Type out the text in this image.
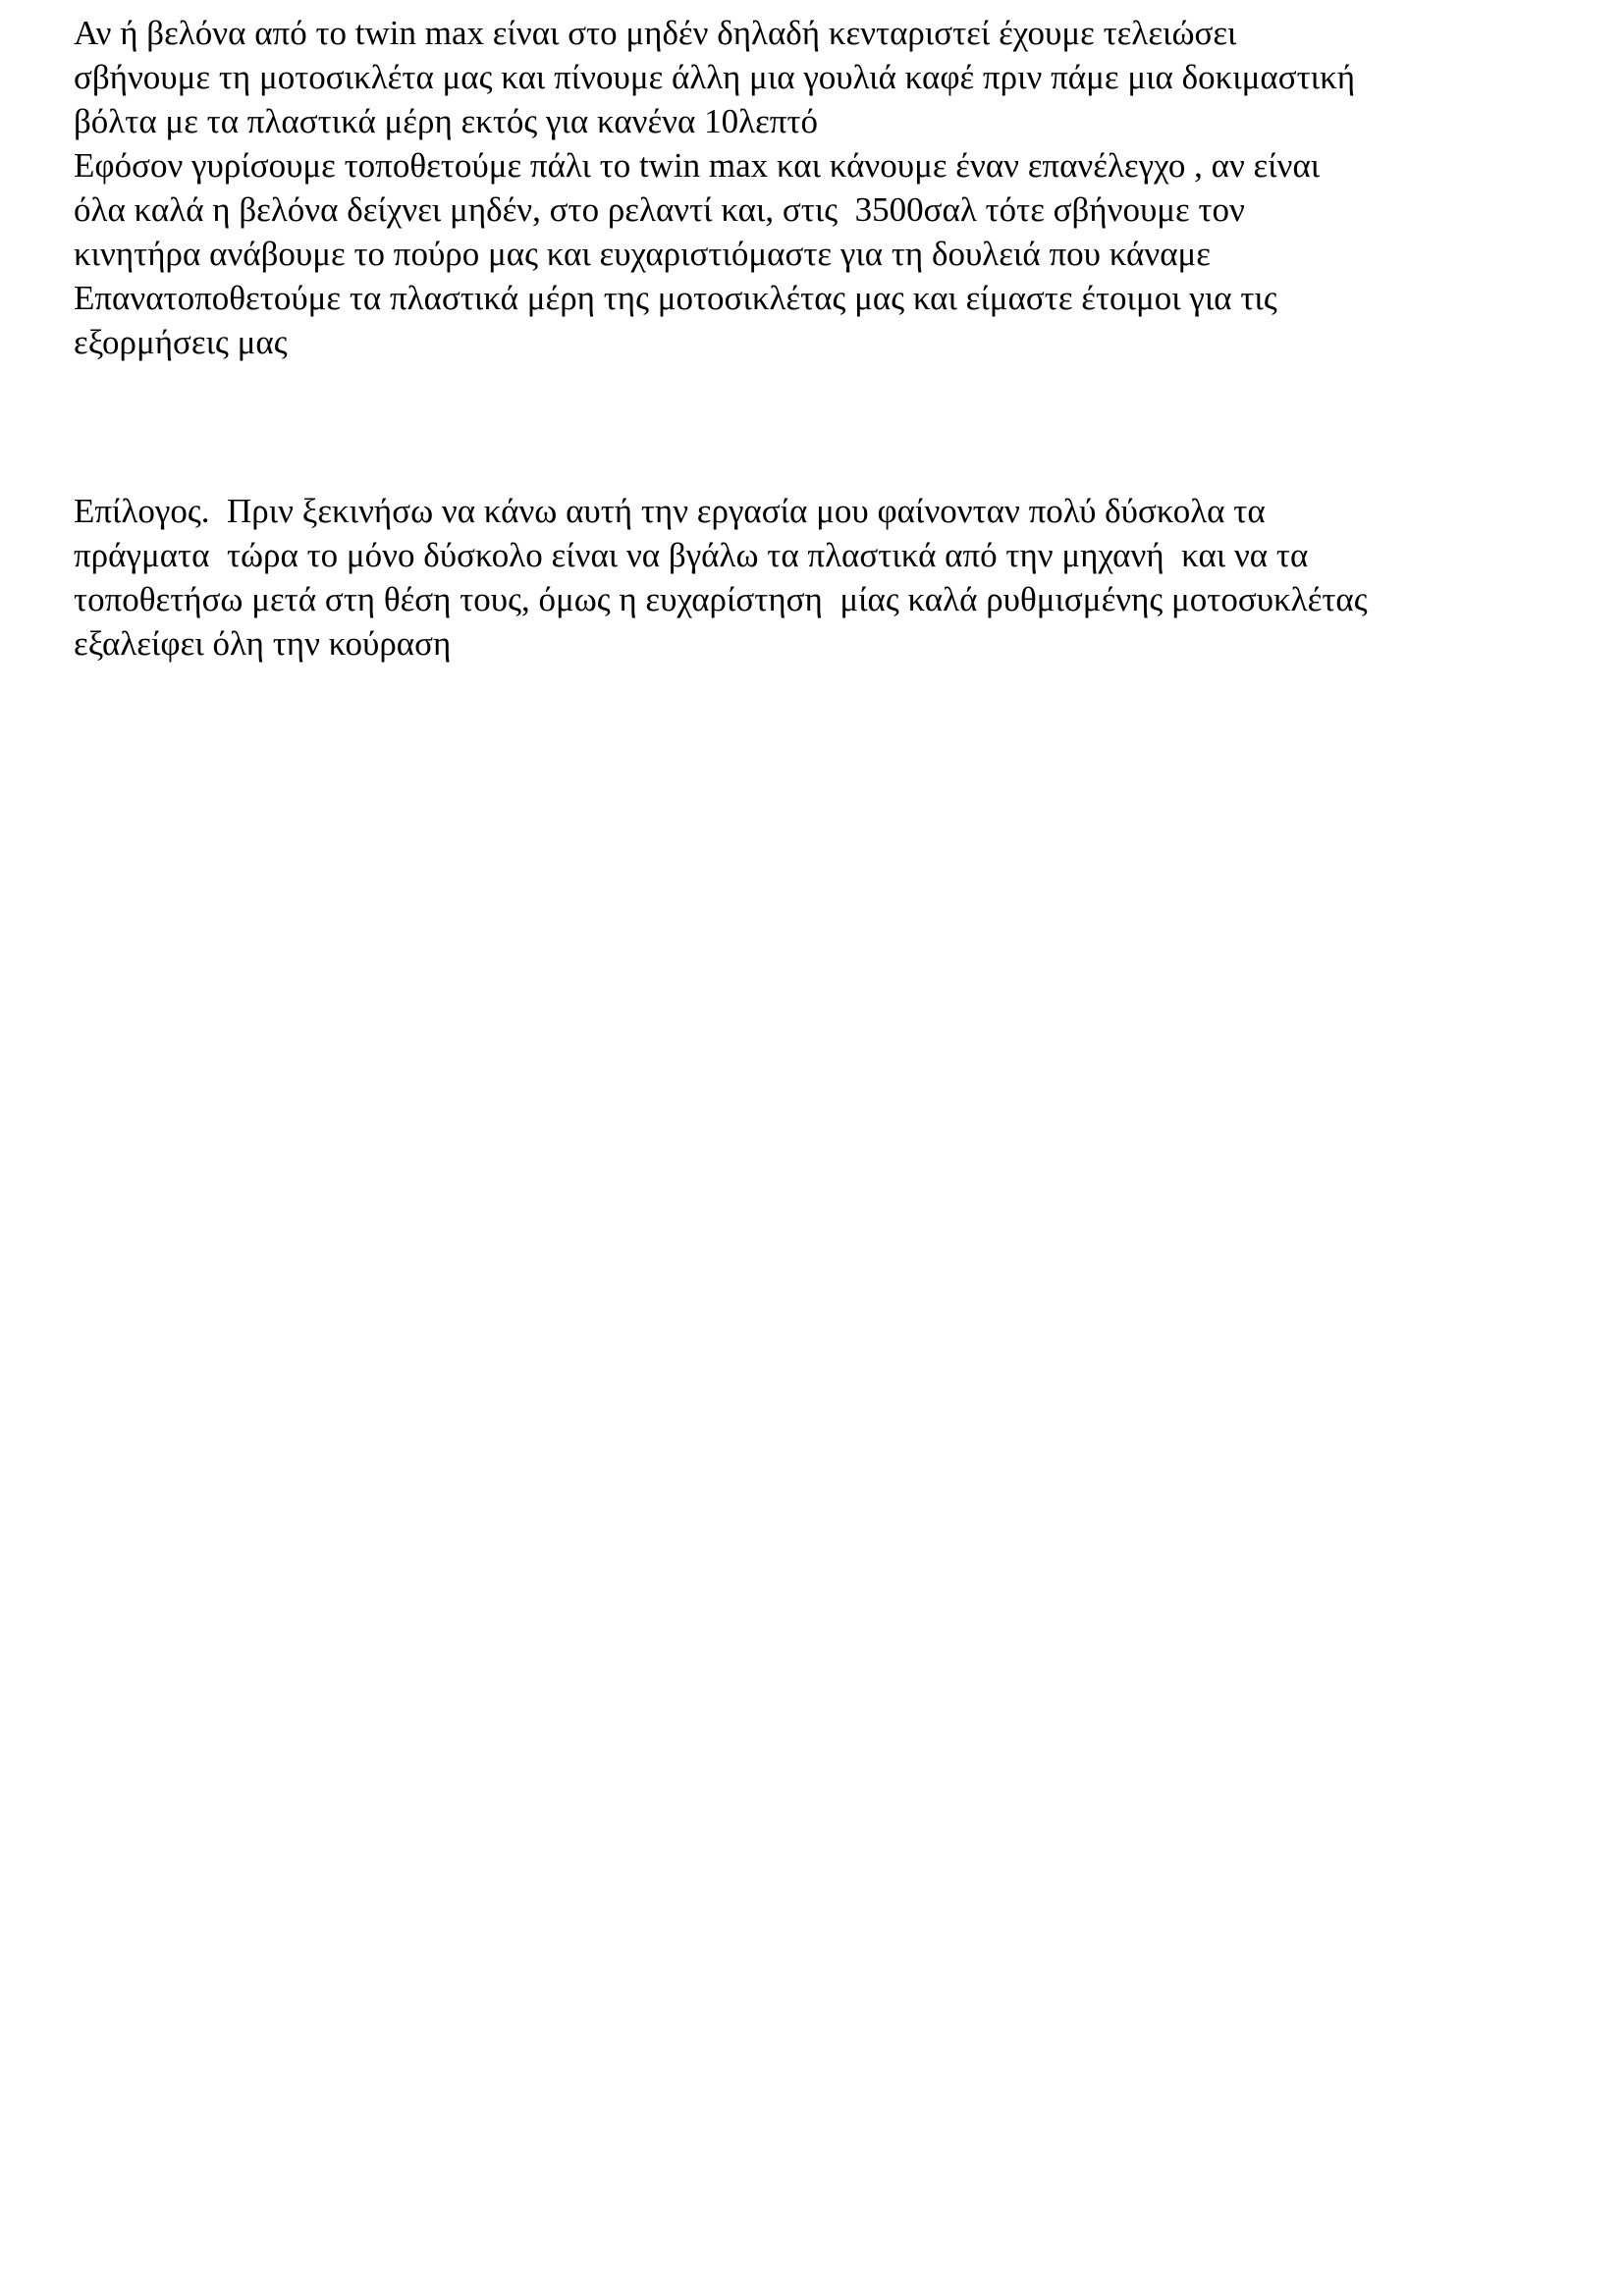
Αν ή βελόνα από το twin max είναι στο μηδέν δηλαδή κενταριστεί έχουμε τελειώσει
σβήνουμε τη μοτοσικλέτα μας και πίνουμε άλλη μια γουλιά καφέ πριν πάμε μια δοκιμαστική
βόλτα με τα πλαστικά μέρη εκτός για κανένα 10λεπτό
Εφόσον γυρίσουμε τοποθετούμε πάλι το twin max και κάνουμε έναν επανέλεγχο , αν είναι
όλα καλά η βελόνα δείχνει μηδέν, στο ρελαντί και, στις  3500σαλ τότε σβήνουμε τον
κινητήρα ανάβουμε το πούρο μας και ευχαριστιόμαστε για τη δουλειά που κάναμε
Επανατοποθετούμε τα πλαστικά μέρη της μοτοσικλέτας μας και είμαστε έτοιμοι για τις
εξορμήσεις μας
Επίλογος.  Πριν ξεκινήσω να κάνω αυτή την εργασία μου φαίνονταν πολύ δύσκολα τα
πράγματα  τώρα το μόνο δύσκολο είναι να βγάλω τα πλαστικά από την μηχανή  και να τα
τοποθετήσω μετά στη θέση τους, όμως η ευχαρίστηση  μίας καλά ρυθμισμένης μοτοσυκλέτας
εξαλείφει όλη την κούραση
